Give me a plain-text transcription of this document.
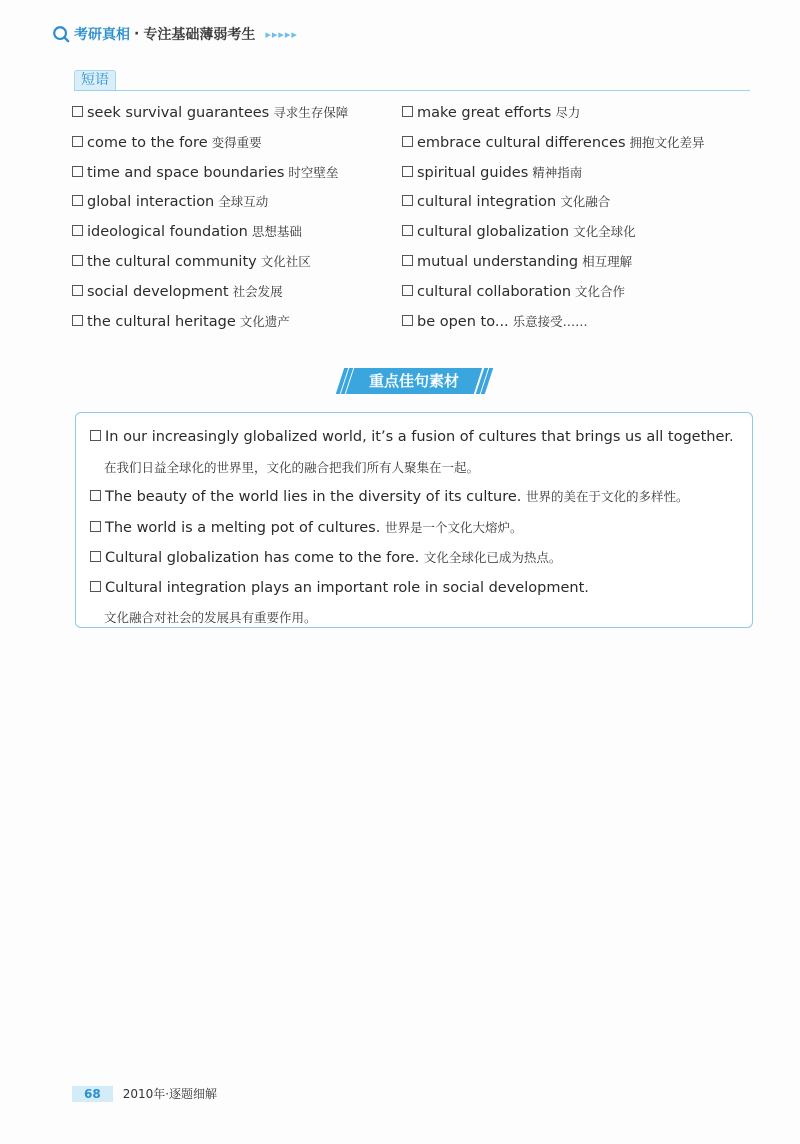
考研真相 · 专注基础薄弱考生 ▸▸▸▸▸
短语
seek survival guarantees 寻求生存保障	make great efforts 尽力
come to the fore 变得重要	embrace cultural differences 拥抱文化差异
time and space boundaries 时空壁垒	spiritual guides 精神指南
global interaction 全球互动	cultural integration 文化融合
ideological foundation 思想基础	cultural globalization 文化全球化
the cultural community 文化社区	mutual understanding 相互理解
social development 社会发展	cultural collaboration 文化合作
the cultural heritage 文化遗产	be open to... 乐意接受……
重点佳句素材
In our increasingly globalized world, it’s a fusion of cultures that brings us all together.
在我们日益全球化的世界里，文化的融合把我们所有人聚集在一起。
The beauty of the world lies in the diversity of its culture. 世界的美在于文化的多样性。
The world is a melting pot of cultures. 世界是一个文化大熔炉。
Cultural globalization has come to the fore. 文化全球化已成为热点。
Cultural integration plays an important role in social development.
文化融合对社会的发展具有重要作用。
68	2010年·逐题细解
